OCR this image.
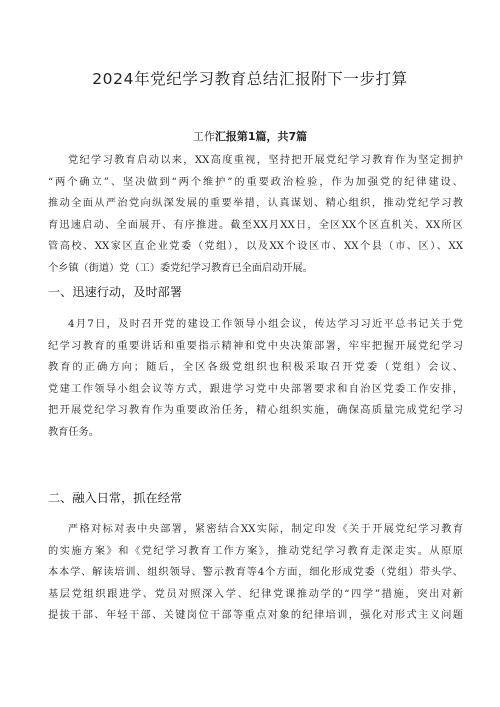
2024年党纪学习教育总结汇报附下一步打算
工作汇报第1篇，共7篇
党纪学习教育启动以来，XX高度重视，坚持把开展党纪学习教育作为坚定拥护
“两个确立”、坚决做到“两个维护”的重要政治检验，作为加强党的纪律建设、
推动全面从严治党向纵深发展的重要举措，认真谋划、精心组织，推动党纪学习教
育迅速启动、全面展开、有序推进。截至XX月XX日，全区XX个区直机关、XX所区
管高校、XX家区直企业党委（党组），以及XX个设区市、XX个县（市、区）、XX
个乡镇（街道）党（工）委党纪学习教育已全面启动开展。
一、迅速行动，及时部署
4月7日，及时召开党的建设工作领导小组会议，传达学习习近平总书记关于党
纪学习教育的重要讲话和重要指示精神和党中央决策部署，牢牢把握开展党纪学习
教育的正确方向；随后，全区各级党组织也积极采取召开党委（党组）会议、
党建工作领导小组会议等方式，跟进学习党中央部署要求和自治区党委工作安排，
把开展党纪学习教育作为重要政治任务，精心组织实施，确保高质量完成党纪学习
教育任务。
二、融入日常，抓在经常
严格对标对表中央部署，紧密结合XX实际，制定印发《关于开展党纪学习教育
的实施方案》和《党纪学习教育工作方案》，推动党纪学习教育走深走实。从原原
本本学、解读培训、组织领导、警示教育等4个方面，细化形成党委（党组）带头学、
基层党组织跟进学、党员对照深入学、纪律党课推动学的“四学”措施，突出对新
提拔干部、年轻干部、关键岗位干部等重点对象的纪律培训，强化对形式主义问题
